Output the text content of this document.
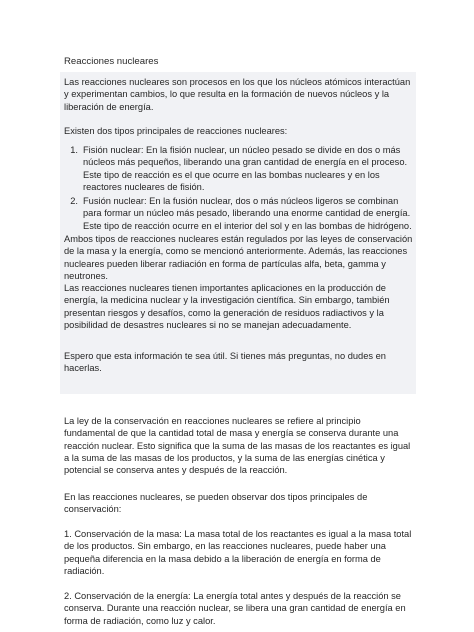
Reacciones nucleares

Las reacciones nucleares son procesos en los que los núcleos atómicos interactúan y experimentan cambios, lo que resulta en la formación de nuevos núcleos y la liberación de energía.

Existen dos tipos principales de reacciones nucleares:

1. Fisión nuclear: En la fisión nuclear, un núcleo pesado se divide en dos o más núcleos más pequeños, liberando una gran cantidad de energía en el proceso. Este tipo de reacción es el que ocurre en las bombas nucleares y en los reactores nucleares de fisión.
2. Fusión nuclear: En la fusión nuclear, dos o más núcleos ligeros se combinan para formar un núcleo más pesado, liberando una enorme cantidad de energía. Este tipo de reacción ocurre en el interior del sol y en las bombas de hidrógeno.

Ambos tipos de reacciones nucleares están regulados por las leyes de conservación de la masa y la energía, como se mencionó anteriormente. Además, las reacciones nucleares pueden liberar radiación en forma de partículas alfa, beta, gamma y neutrones.

Las reacciones nucleares tienen importantes aplicaciones en la producción de energía, la medicina nuclear y la investigación científica. Sin embargo, también presentan riesgos y desafíos, como la generación de residuos radiactivos y la posibilidad de desastres nucleares si no se manejan adecuadamente.

Espero que esta información te sea útil. Si tienes más preguntas, no dudes en hacerlas.

La ley de la conservación en reacciones nucleares se refiere al principio fundamental de que la cantidad total de masa y energía se conserva durante una reacción nuclear. Esto significa que la suma de las masas de los reactantes es igual a la suma de las masas de los productos, y la suma de las energías cinética y potencial se conserva antes y después de la reacción.

En las reacciones nucleares, se pueden observar dos tipos principales de conservación:

1. Conservación de la masa: La masa total de los reactantes es igual a la masa total de los productos. Sin embargo, en las reacciones nucleares, puede haber una pequeña diferencia en la masa debido a la liberación de energía en forma de radiación.

2. Conservación de la energía: La energía total antes y después de la reacción se conserva. Durante una reacción nuclear, se libera una gran cantidad de energía en forma de radiación, como luz y calor.
